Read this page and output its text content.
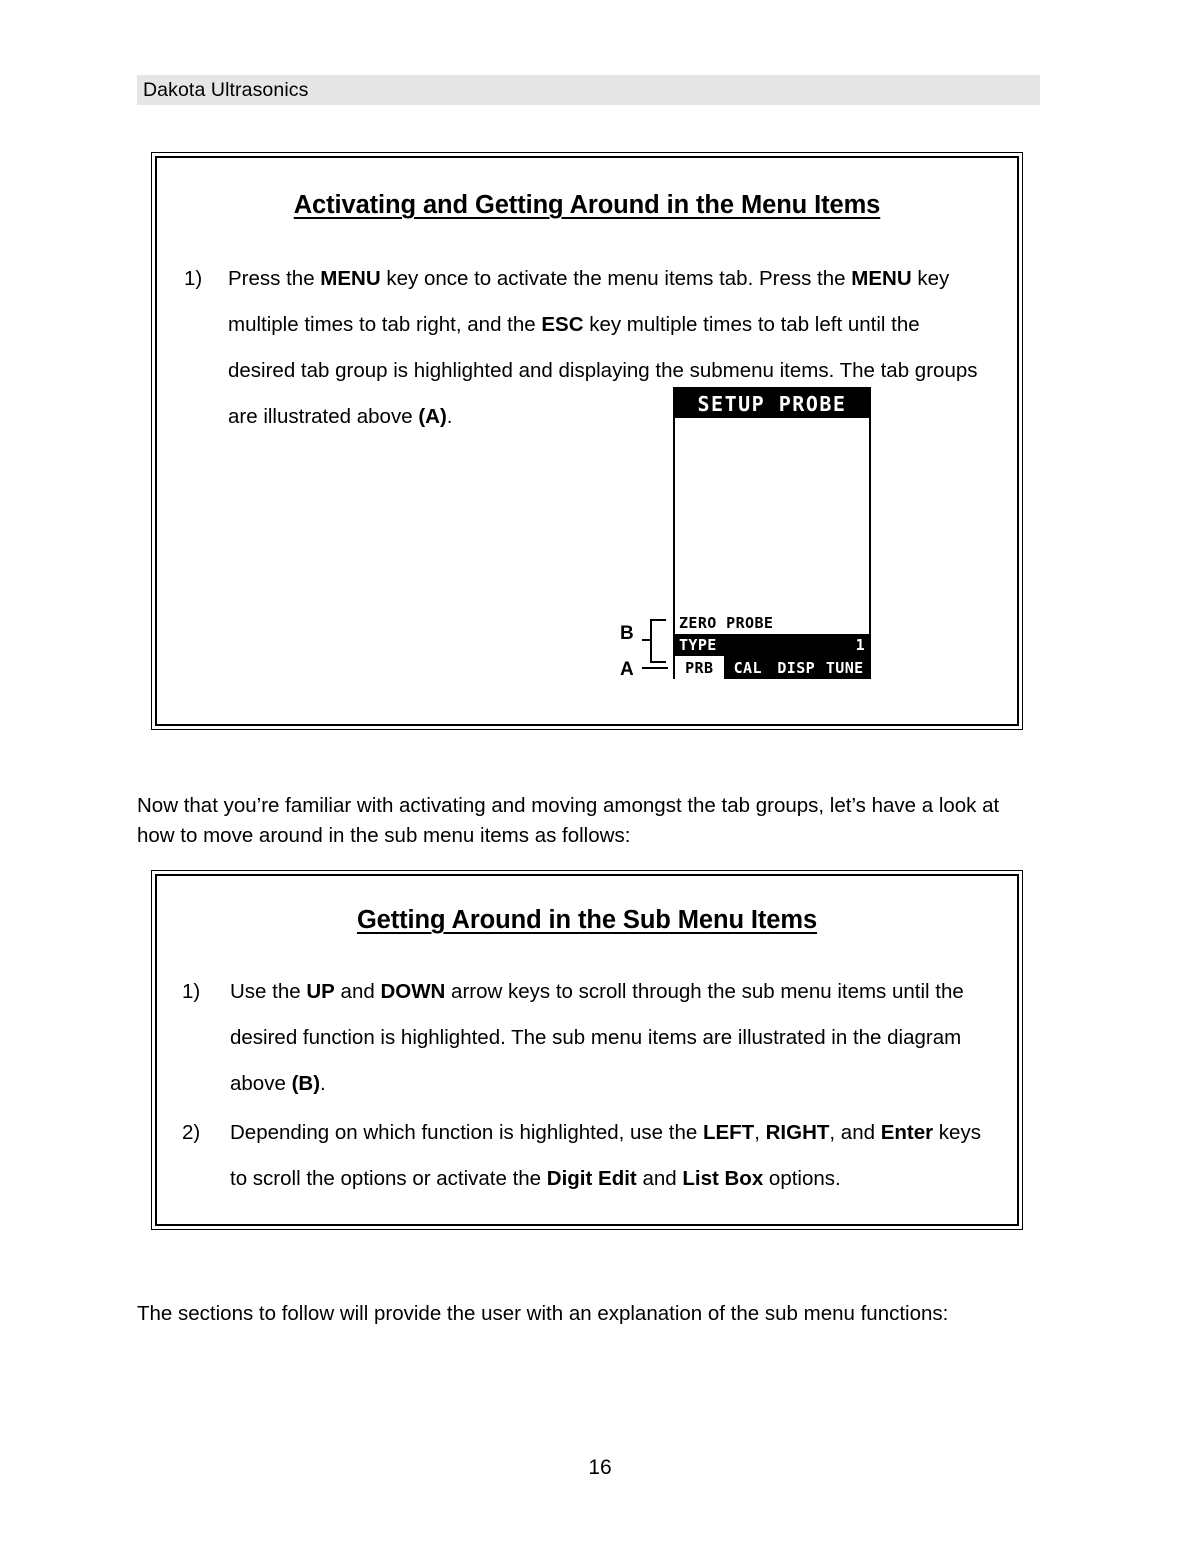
Dakota Ultrasonics
Activating and Getting Around in the Menu Items
B
A
SETUP PROBE
ZERO PROBE
TYPE	1
PRB	CAL	DISP TUNE
1)	Press the MENU key once to activate the menu items tab. Press the MENU key multiple times to tab right, and the ESC key multiple times to tab left until the desired tab group is highlighted and displaying the submenu items. The tab groups are illustrated above (A).

Now that you’re familiar with activating and moving amongst the tab groups, let’s have a look at how to move around in the sub menu items as follows:

Getting Around in the Sub Menu Items
1)	Use the UP and DOWN arrow keys to scroll through the sub menu items until the desired function is highlighted. The sub menu items are illustrated in the diagram above (B).
2)	Depending on which function is highlighted, use the LEFT, RIGHT, and Enter keys to scroll the options or activate the Digit Edit and List Box options.

The sections to follow will provide the user with an explanation of the sub menu functions:

16
